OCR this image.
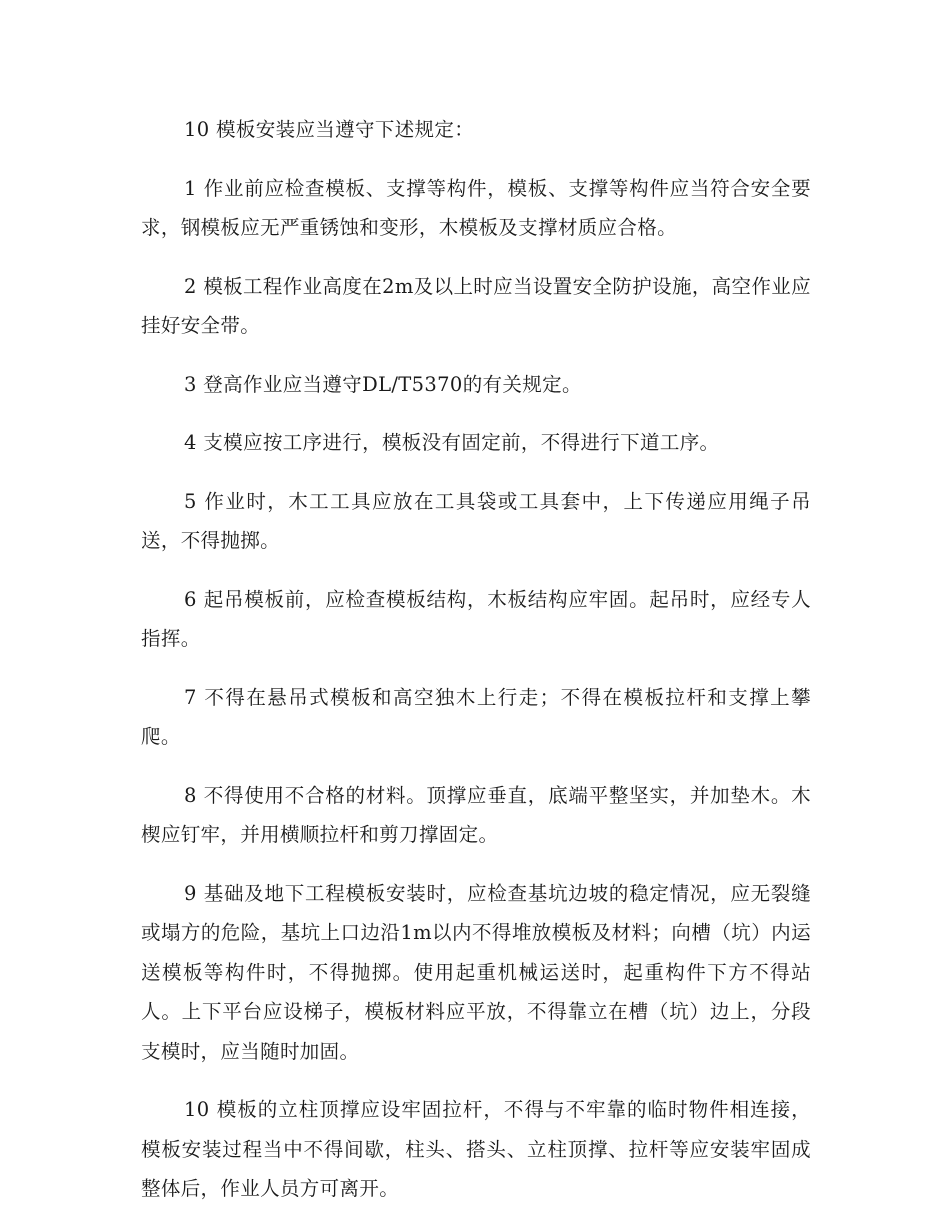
10 模板安装应当遵守下述规定：

1 作业前应检查模板、支撑等构件，模板、支撑等构件应当符合安全要求，钢模板应无严重锈蚀和变形，木模板及支撑材质应合格。

2 模板工程作业高度在2m及以上时应当设置安全防护设施，高空作业应挂好安全带。

3 登高作业应当遵守DL/T5370的有关规定。

4 支模应按工序进行，模板没有固定前，不得进行下道工序。

5 作业时，木工工具应放在工具袋或工具套中，上下传递应用绳子吊送，不得抛掷。

6 起吊模板前，应检查模板结构，木板结构应牢固。起吊时，应经专人指挥。

7 不得在悬吊式模板和高空独木上行走；不得在模板拉杆和支撑上攀爬。

8 不得使用不合格的材料。顶撑应垂直，底端平整坚实，并加垫木。木楔应钉牢，并用横顺拉杆和剪刀撑固定。

9 基础及地下工程模板安装时，应检查基坑边坡的稳定情况，应无裂缝或塌方的危险，基坑上口边沿1m以内不得堆放模板及材料；向槽（坑）内运送模板等构件时，不得抛掷。使用起重机械运送时，起重构件下方不得站人。上下平台应设梯子，模板材料应平放，不得靠立在槽（坑）边上，分段支模时，应当随时加固。

10 模板的立柱顶撑应设牢固拉杆，不得与不牢靠的临时物件相连接，模板安装过程当中不得间歇，柱头、搭头、立柱顶撑、拉杆等应安装牢固成整体后，作业人员方可离开。
